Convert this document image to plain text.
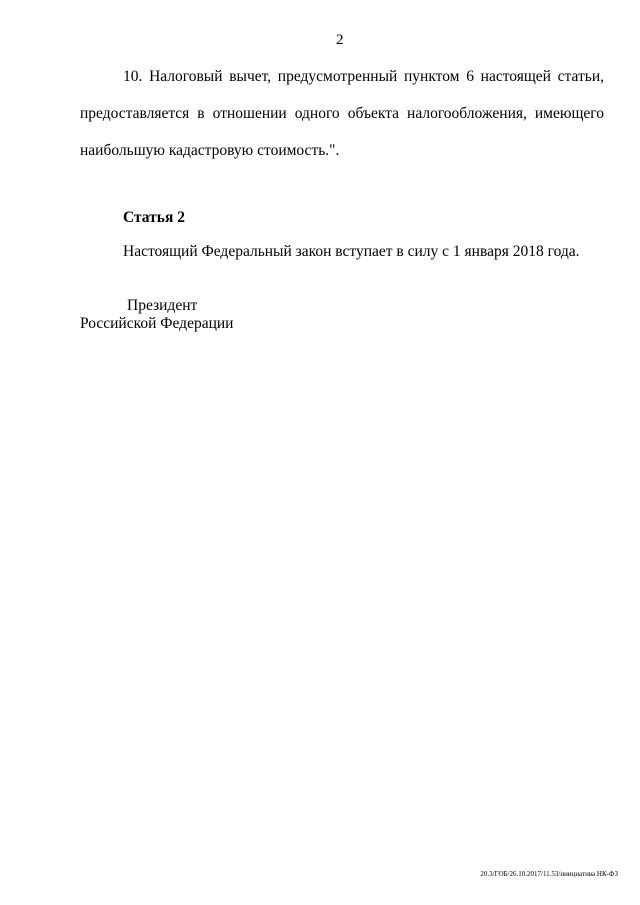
2
10. Налоговый вычет, предусмотренный пунктом 6 настоящей статьи,
предоставляется в отношении одного объекта налогообложения, имеющего
наибольшую кадастровую стоимость.".
Статья 2
Настоящий Федеральный закон вступает в силу с 1 января 2018 года.
Президент
Российской Федерации
20.3/ГОБ/26.10.2017/11.53/инициатива НК-ФЗ
